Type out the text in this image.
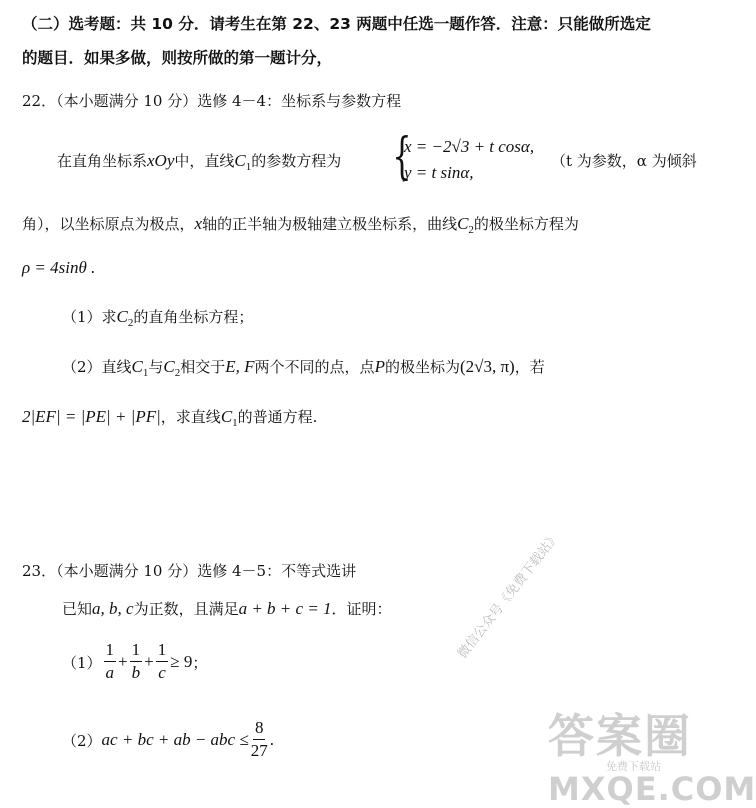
（二）选考题：共 10 分．请考生在第 22、23 两题中任选一题作答．注意：只能做所选定
的题目．如果多做，则按所做的第一题计分，
22．（本小题满分 10 分）选修 4－4：坐标系与参数方程
在直角坐标系xOy中，直线$C_1$的参数方程为 {
x = −2√3 + t cosα,
y = t sinα,
（t 为参数，α 为倾斜
角），以坐标原点为极点，x轴的正半轴为极轴建立极坐标系，曲线$C_2$的极坐标方程为
ρ = 4sinθ .
（1）求$C_2$的直角坐标方程；
（2）直线$C_1$与$C_2$相交于E, F两个不同的点，点P的极坐标为(2√3, π)，若
2|EF| = |PE| + |PF|，求直线$C_1$的普通方程.
23．（本小题满分 10 分）选修 4－5：不等式选讲
已知a, b, c为正数，且满足a + b + c = 1．证明：
$(1) \frac{1}{a} + \frac{1}{b} + \frac{1}{c} \ge 9$ ；
（2） ac + bc + ab − abc ≤ $\frac{8}{27}$ .
微信公众号《免费下载站》
答案圈
免费下载站
MXQE.COM
